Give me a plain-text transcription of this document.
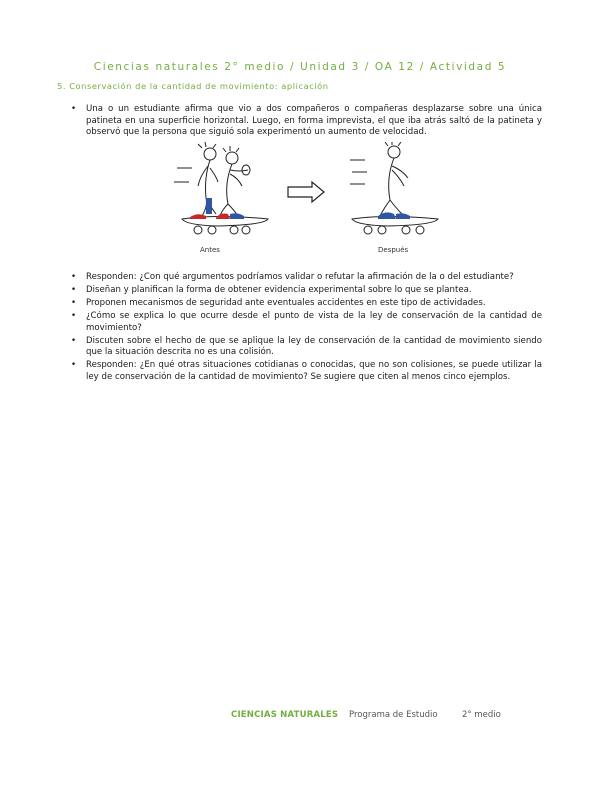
Ciencias naturales 2° medio / Unidad 3 / OA 12 / Actividad 5
5. Conservación de la cantidad de movimiento: aplicación
• Una o un estudiante afirma que vio a dos compañeros o compañeras desplazarse sobre una única patineta en una superficie horizontal. Luego, en forma imprevista, el que iba atrás saltó de la patineta y observó que la persona que siguió sola experimentó un aumento de velocidad.
Antes	Después
• Responden: ¿Con qué argumentos podríamos validar o refutar la afirmación de la o del estudiante?
• Diseñan y planifican la forma de obtener evidencia experimental sobre lo que se plantea.
• Proponen mecanismos de seguridad ante eventuales accidentes en este tipo de actividades.
• ¿Cómo se explica lo que ocurre desde el punto de vista de la ley de conservación de la cantidad de movimiento?
• Discuten sobre el hecho de que se aplique la ley de conservación de la cantidad de movimiento siendo que la situación descrita no es una colisión.
• Responden: ¿En qué otras situaciones cotidianas o conocidas, que no son colisiones, se puede utilizar la ley de conservación de la cantidad de movimiento? Se sugiere que citen al menos cinco ejemplos.
CIENCIAS NATURALES Programa de Estudio	2° medio
